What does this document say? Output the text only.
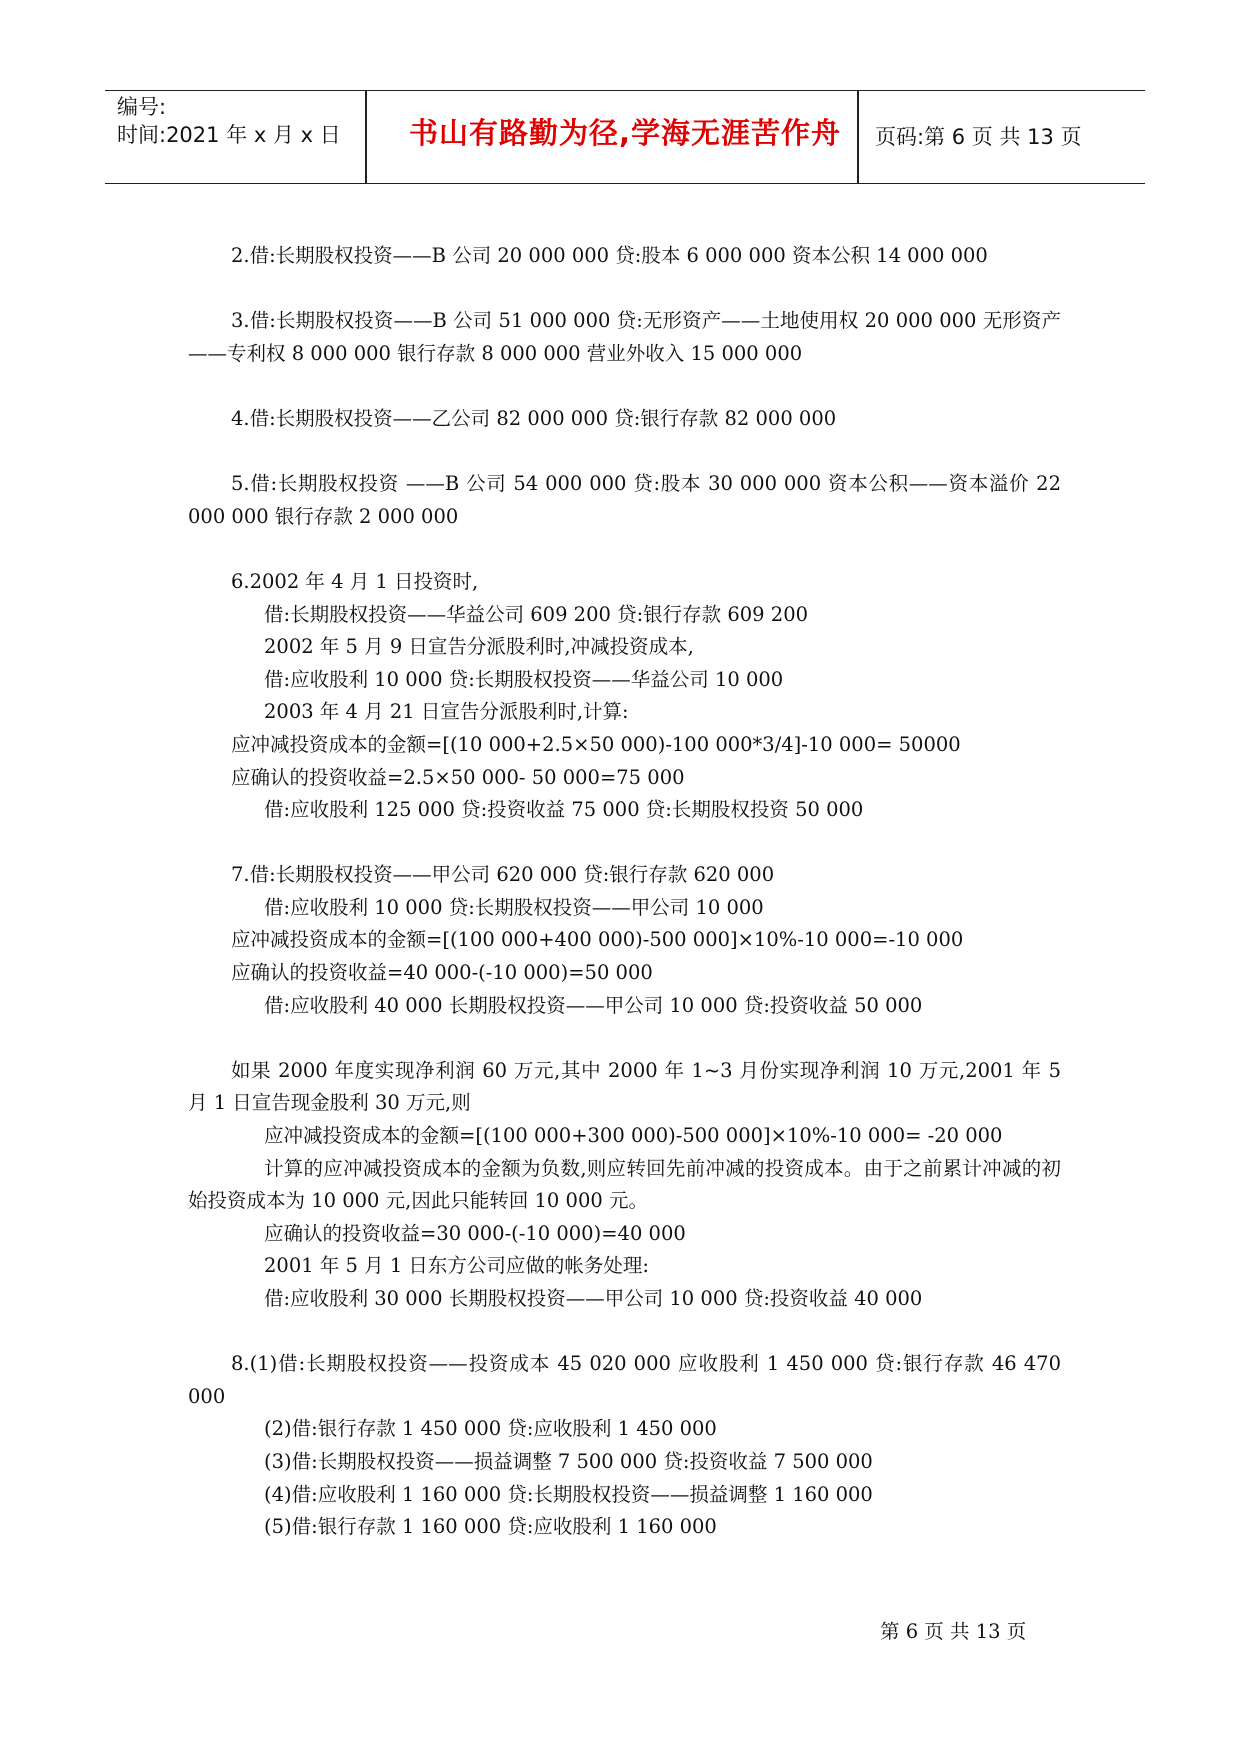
编号:
时间:2021 年 x 月 x 日	书山有路勤为径,学海无涯苦作舟	页码:第 6 页 共 13 页

2.借:长期股权投资——B 公司 20 000 000 贷:股本 6 000 000 资本公积 14 000 000

3.借:长期股权投资——B 公司 51 000 000 贷:无形资产——土地使用权 20 000 000 无形资产——专利权 8 000 000 银行存款 8 000 000 营业外收入 15 000 000

4.借:长期股权投资——乙公司 82 000 000 贷:银行存款 82 000 000

5.借:长期股权投资 ——B 公司 54 000 000 贷:股本 30 000 000 资本公积——资本溢价 22 000 000 银行存款 2 000 000

6.2002 年 4 月 1 日投资时,
借:长期股权投资——华益公司 609 200 贷:银行存款 609 200
2002 年 5 月 9 日宣告分派股利时,冲减投资成本,
借:应收股利 10 000 贷:长期股权投资——华益公司 10 000
2003 年 4 月 21 日宣告分派股利时,计算:
应冲减投资成本的金额=[(10 000+2.5×50 000)-100 000*3/4]-10 000= 50000
应确认的投资收益=2.5×50 000- 50 000=75 000
借:应收股利 125 000 贷:投资收益 75 000 贷:长期股权投资 50 000
7.借:长期股权投资——甲公司 620 000 贷:银行存款 620 000
借:应收股利 10 000 贷:长期股权投资——甲公司 10 000
应冲减投资成本的金额=[(100 000+400 000)-500 000]×10%-10 000=-10 000
应确认的投资收益=40 000-(-10 000)=50 000
借:应收股利 40 000 长期股权投资——甲公司 10 000 贷:投资收益 50 000

如果 2000 年度实现净利润 60 万元,其中 2000 年 1~3 月份实现净利润 10 万元,2001 年 5 月 1 日宣告现金股利 30 万元,则

应冲减投资成本的金额=[(100 000+300 000)-500 000]×10%-10 000= -20 000

计算的应冲减投资成本的金额为负数,则应转回先前冲减的投资成本。由于之前累计冲减的初始投资成本为 10 000 元,因此只能转回 10 000 元。

应确认的投资收益=30 000-(-10 000)=40 000
2001 年 5 月 1 日东方公司应做的帐务处理:
借:应收股利 30 000 长期股权投资——甲公司 10 000 贷:投资收益 40 000

8.(1)借:长期股权投资——投资成本 45 020 000 应收股利 1 450 000 贷:银行存款 46 470 000

(2)借:银行存款 1 450 000 贷:应收股利 1 450 000
(3)借:长期股权投资——损益调整 7 500 000 贷:投资收益 7 500 000
(4)借:应收股利 1 160 000 贷:长期股权投资——损益调整 1 160 000
(5)借:银行存款 1 160 000 贷:应收股利 1 160 000
第 6 页 共 13 页
